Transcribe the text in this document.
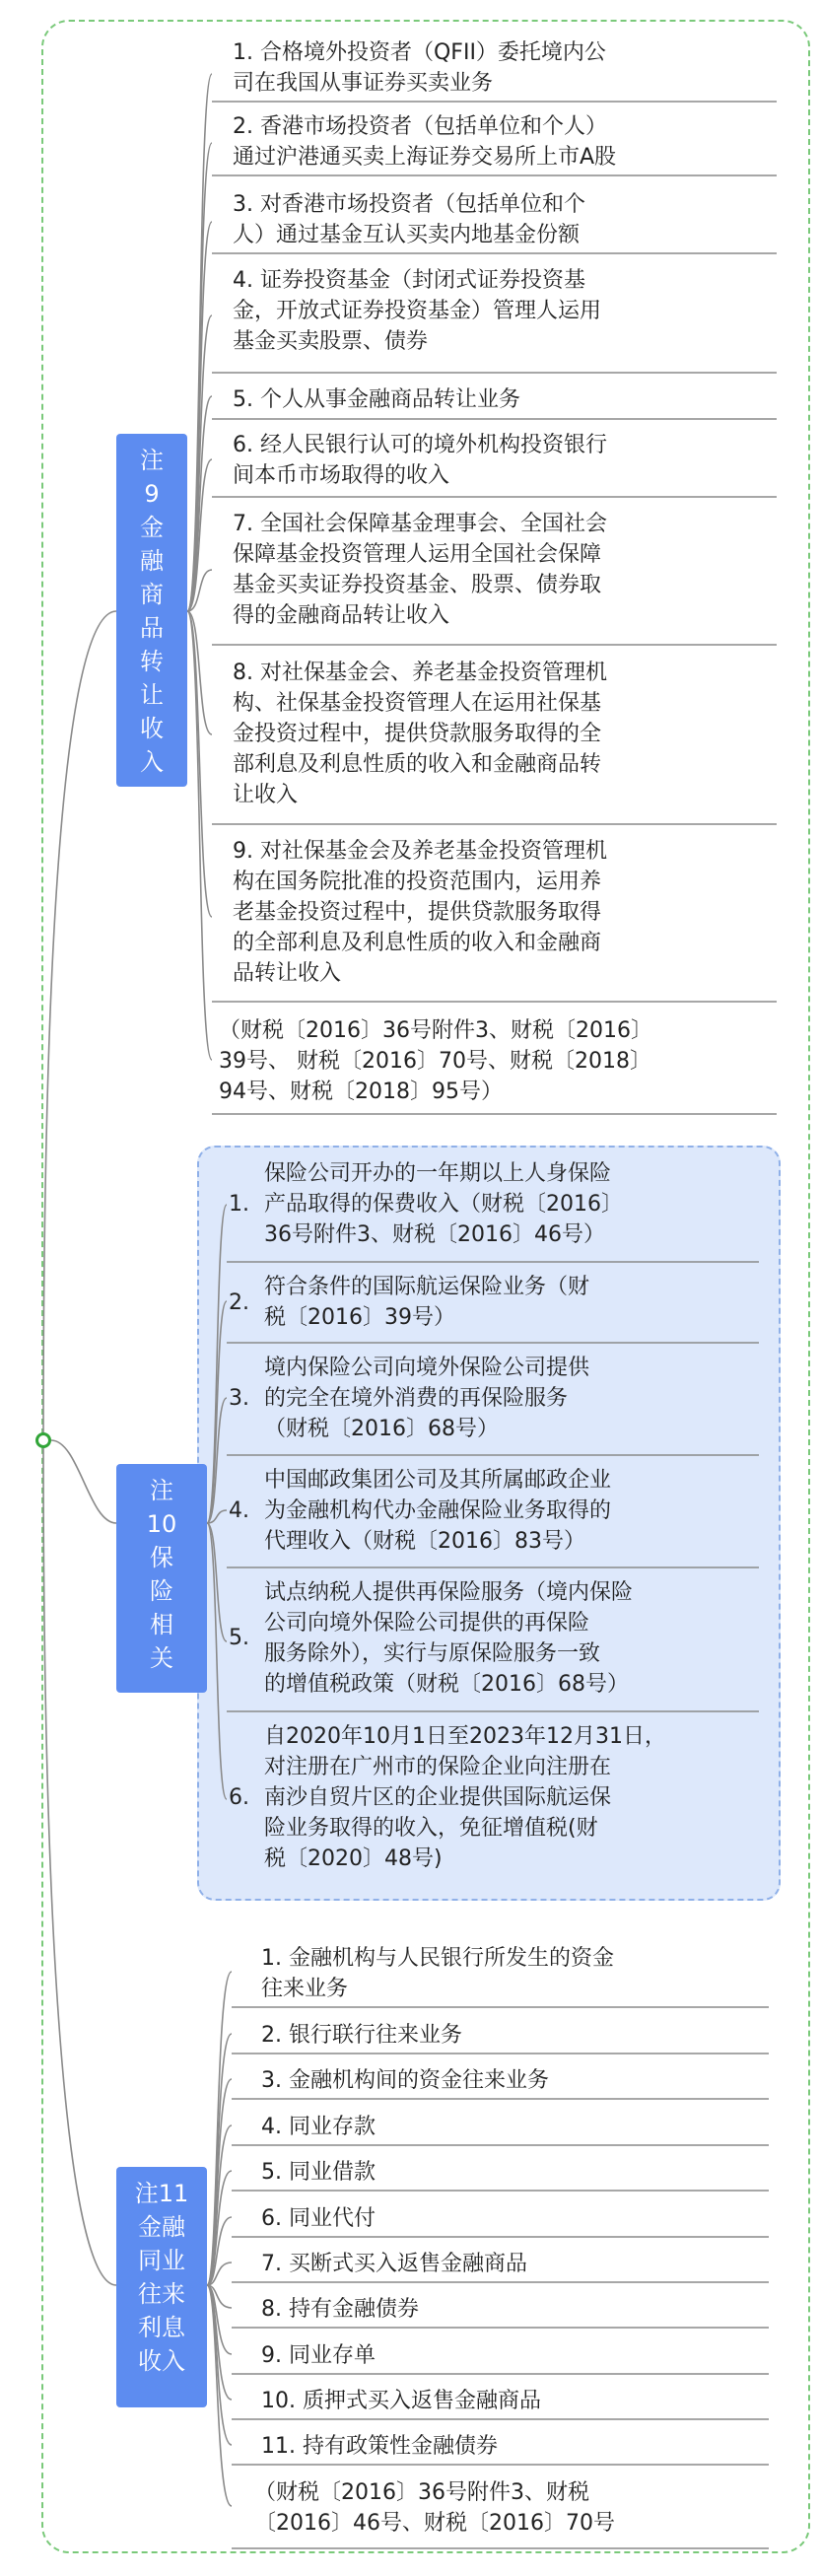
注
9
金
融
商
品
转
让
收
入
1. 合格境外投资者（QFII）委托境内公
司在我国从事证券买卖业务
2. 香港市场投资者（包括单位和个人）
通过沪港通买卖上海证券交易所上市A股
3. 对香港市场投资者（包括单位和个
人）通过基金互认买卖内地基金份额
4. 证券投资基金（封闭式证券投资基
金，开放式证券投资基金）管理人运用
基金买卖股票、债券
5. 个人从事金融商品转让业务
6. 经人民银行认可的境外机构投资银行
间本币市场取得的收入
7. 全国社会保障基金理事会、全国社会
保障基金投资管理人运用全国社会保障
基金买卖证券投资基金、股票、债券取
得的金融商品转让收入
8. 对社保基金会、养老基金投资管理机
构、社保基金投资管理人在运用社保基
金投资过程中，提供贷款服务取得的全
部利息及利息性质的收入和金融商品转
让收入
9. 对社保基金会及养老基金投资管理机
构在国务院批准的投资范围内，运用养
老基金投资过程中，提供贷款服务取得
的全部利息及利息性质的收入和金融商
品转让收入
（财税〔2016〕36号附件3、财税〔2016〕
39号、 财税〔2016〕70号、财税〔2018〕
94号、财税〔2018〕95号）
注
10
保
险
相
关
1.
保险公司开办的一年期以上人身保险
产品取得的保费收入（财税〔2016〕
36号附件3、财税〔2016〕46号）
2.
符合条件的国际航运保险业务（财
税〔2016〕39号）
3.
境内保险公司向境外保险公司提供
的完全在境外消费的再保险服务
（财税〔2016〕68号）
4.
中国邮政集团公司及其所属邮政企业
为金融机构代办金融保险业务取得的
代理收入（财税〔2016〕83号）
5.
试点纳税人提供再保险服务（境内保险
公司向境外保险公司提供的再保险
服务除外），实行与原保险服务一致
的增值税政策（财税〔2016〕68号）
6.
自2020年10月1日至2023年12月31日，
对注册在广州市的保险企业向注册在
南沙自贸片区的企业提供国际航运保
险业务取得的收入，免征增值税(财
税〔2020〕48号)
注11
金融
同业
往来
利息
收入
1. 金融机构与人民银行所发生的资金
往来业务
2. 银行联行往来业务
3. 金融机构间的资金往来业务
4. 同业存款
5. 同业借款
6. 同业代付
7. 买断式买入返售金融商品
8. 持有金融债券
9. 同业存单
10. 质押式买入返售金融商品
11. 持有政策性金融债券
（财税〔2016〕36号附件3、财税
〔2016〕46号、财税〔2016〕70号
